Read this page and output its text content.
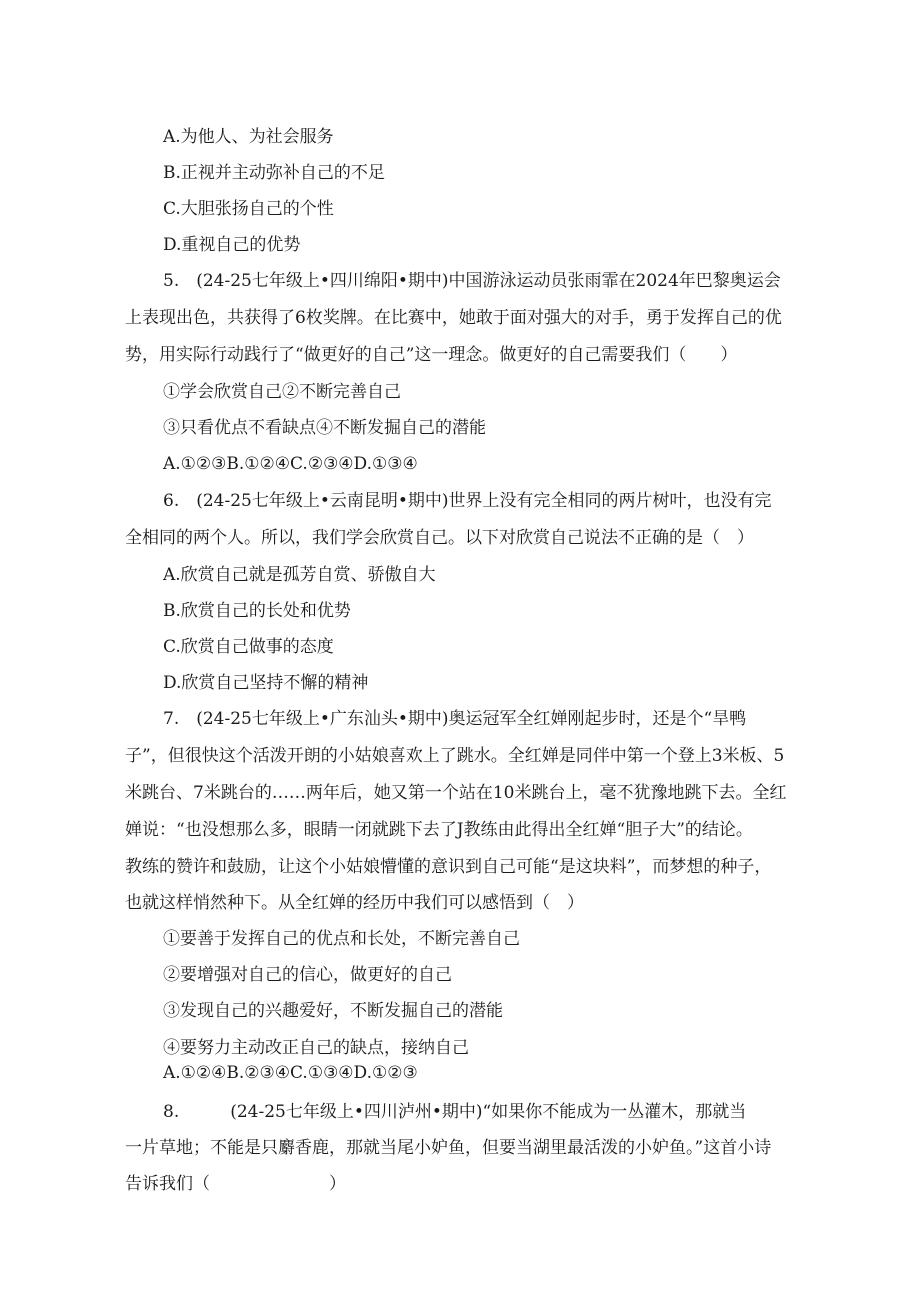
A.为他人、为社会服务
B.正视并主动弥补自己的不足
C.大胆张扬自己的个性
D.重视自己的优势
5.　(24-25七年级上•四川绵阳•期中)中国游泳运动员张雨霏在2024年巴黎奥运会
上表现出色，共获得了6枚奖牌。在比赛中，她敢于面对强大的对手，勇于发挥自己的优
势，用实际行动践行了“做更好的自己”这一理念。做更好的自己需要我们（　　）
①学会欣赏自己②不断完善自己
③只看优点不看缺点④不断发掘自己的潜能
A.①②③B.①②④C.②③④D.①③④
6.　(24-25七年级上•云南昆明•期中)世界上没有完全相同的两片树叶，也没有完
全相同的两个人。所以，我们学会欣赏自己。以下对欣赏自己说法不正确的是（　）
A.欣赏自己就是孤芳自赏、骄傲自大
B.欣赏自己的长处和优势
C.欣赏自己做事的态度
D.欣赏自己坚持不懈的精神
7.　(24-25七年级上•广东汕头•期中)奥运冠军全红婵刚起步时，还是个“旱鸭
子”，但很快这个活泼开朗的小姑娘喜欢上了跳水。全红婵是同伴中第一个登上3米板、5
米跳台、7米跳台的……两年后，她又第一个站在10米跳台上，毫不犹豫地跳下去。全红
婵说：“也没想那么多，眼睛一闭就跳下去了J教练由此得出全红婵“胆子大”的结论。
教练的赞许和鼓励，让这个小姑娘懵懂的意识到自己可能“是这块料”，而梦想的种子，
也就这样悄然种下。从全红婵的经历中我们可以感悟到（　）
①要善于发挥自己的优点和长处，不断完善自己
②要增强对自己的信心，做更好的自己
③发现自己的兴趣爱好，不断发掘自己的潜能
④要努力主动改正自己的缺点，接纳自己
A.①②④B.②③④C.①③④D.①②③
8.　　　(24-25七年级上•四川泸州•期中)“如果你不能成为一丛灌木，那就当
一片草地；不能是只麝香鹿，那就当尾小妒鱼，但要当湖里最活泼的小妒鱼。”这首小诗
告诉我们（　　　　　　　）
